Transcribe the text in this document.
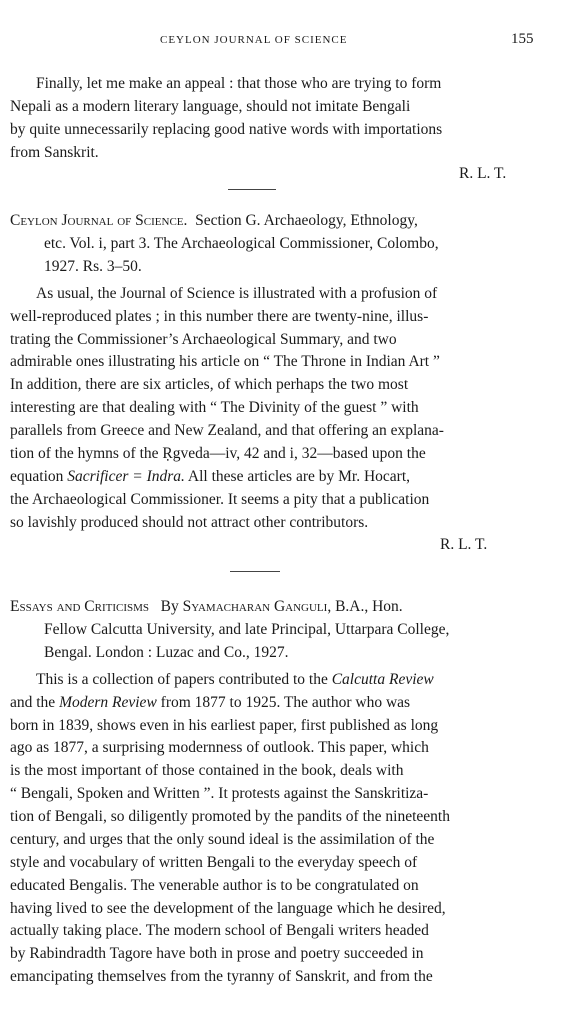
CEYLON JOURNAL OF SCIENCE	155
Finally, let me make an appeal : that those who are trying to form
Nepali as a modern literary language, should not imitate Bengali
by quite unnecessarily replacing good native words with importations
from Sanskrit.
R. L. T.
Ceylon Journal of Science. Section G. Archaeology, Ethnology,
etc. Vol. i, part 3. The Archaeological Commissioner, Colombo,
1927. Rs. 3–50.
As usual, the Journal of Science is illustrated with a profusion of
well-reproduced plates ; in this number there are twenty-nine, illus-
trating the Commissioner’s Archaeological Summary, and two
admirable ones illustrating his article on “ The Throne in Indian Art ”
In addition, there are six articles, of which perhaps the two most
interesting are that dealing with “ The Divinity of the guest ” with
parallels from Greece and New Zealand, and that offering an explana-
tion of the hymns of the Ṛgveda—iv, 42 and i, 32—based upon the
equation Sacrificer = Indra. All these articles are by Mr. Hocart,
the Archaeological Commissioner. It seems a pity that a publication
so lavishly produced should not attract other contributors.
R. L. T.
Essays and Criticisms By Syamacharan Ganguli, B.A., Hon.
Fellow Calcutta University, and late Principal, Uttarpara College,
Bengal. London : Luzac and Co., 1927.
This is a collection of papers contributed to the Calcutta Review
and the Modern Review from 1877 to 1925. The author who was
born in 1839, shows even in his earliest paper, first published as long
ago as 1877, a surprising modernness of outlook. This paper, which
is the most important of those contained in the book, deals with
“ Bengali, Spoken and Written ”. It protests against the Sanskritiza-
tion of Bengali, so diligently promoted by the pandits of the nineteenth
century, and urges that the only sound ideal is the assimilation of the
style and vocabulary of written Bengali to the everyday speech of
educated Bengalis. The venerable author is to be congratulated on
having lived to see the development of the language which he desired,
actually taking place. The modern school of Bengali writers headed
by Rabindradth Tagore have both in prose and poetry succeeded in
emancipating themselves from the tyranny of Sanskrit, and from the
